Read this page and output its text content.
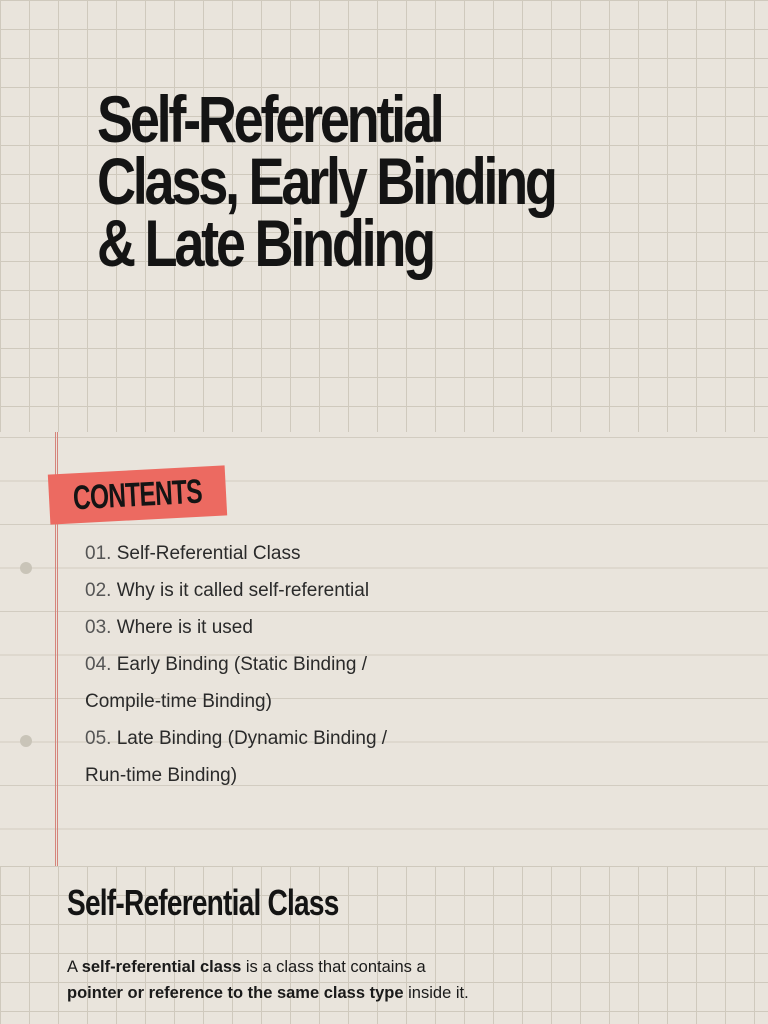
Self-Referential
Class, Early Binding
& Late Binding
CONTENTS
01. Self-Referential Class
02. Why is it called self-referential
03. Where is it used
04. Early Binding (Static Binding /
Compile-time Binding)
05. Late Binding (Dynamic Binding /
Run-time Binding)
Self-Referential Class

A self-referential class is a class that contains a
pointer or reference to the same class type inside it.
